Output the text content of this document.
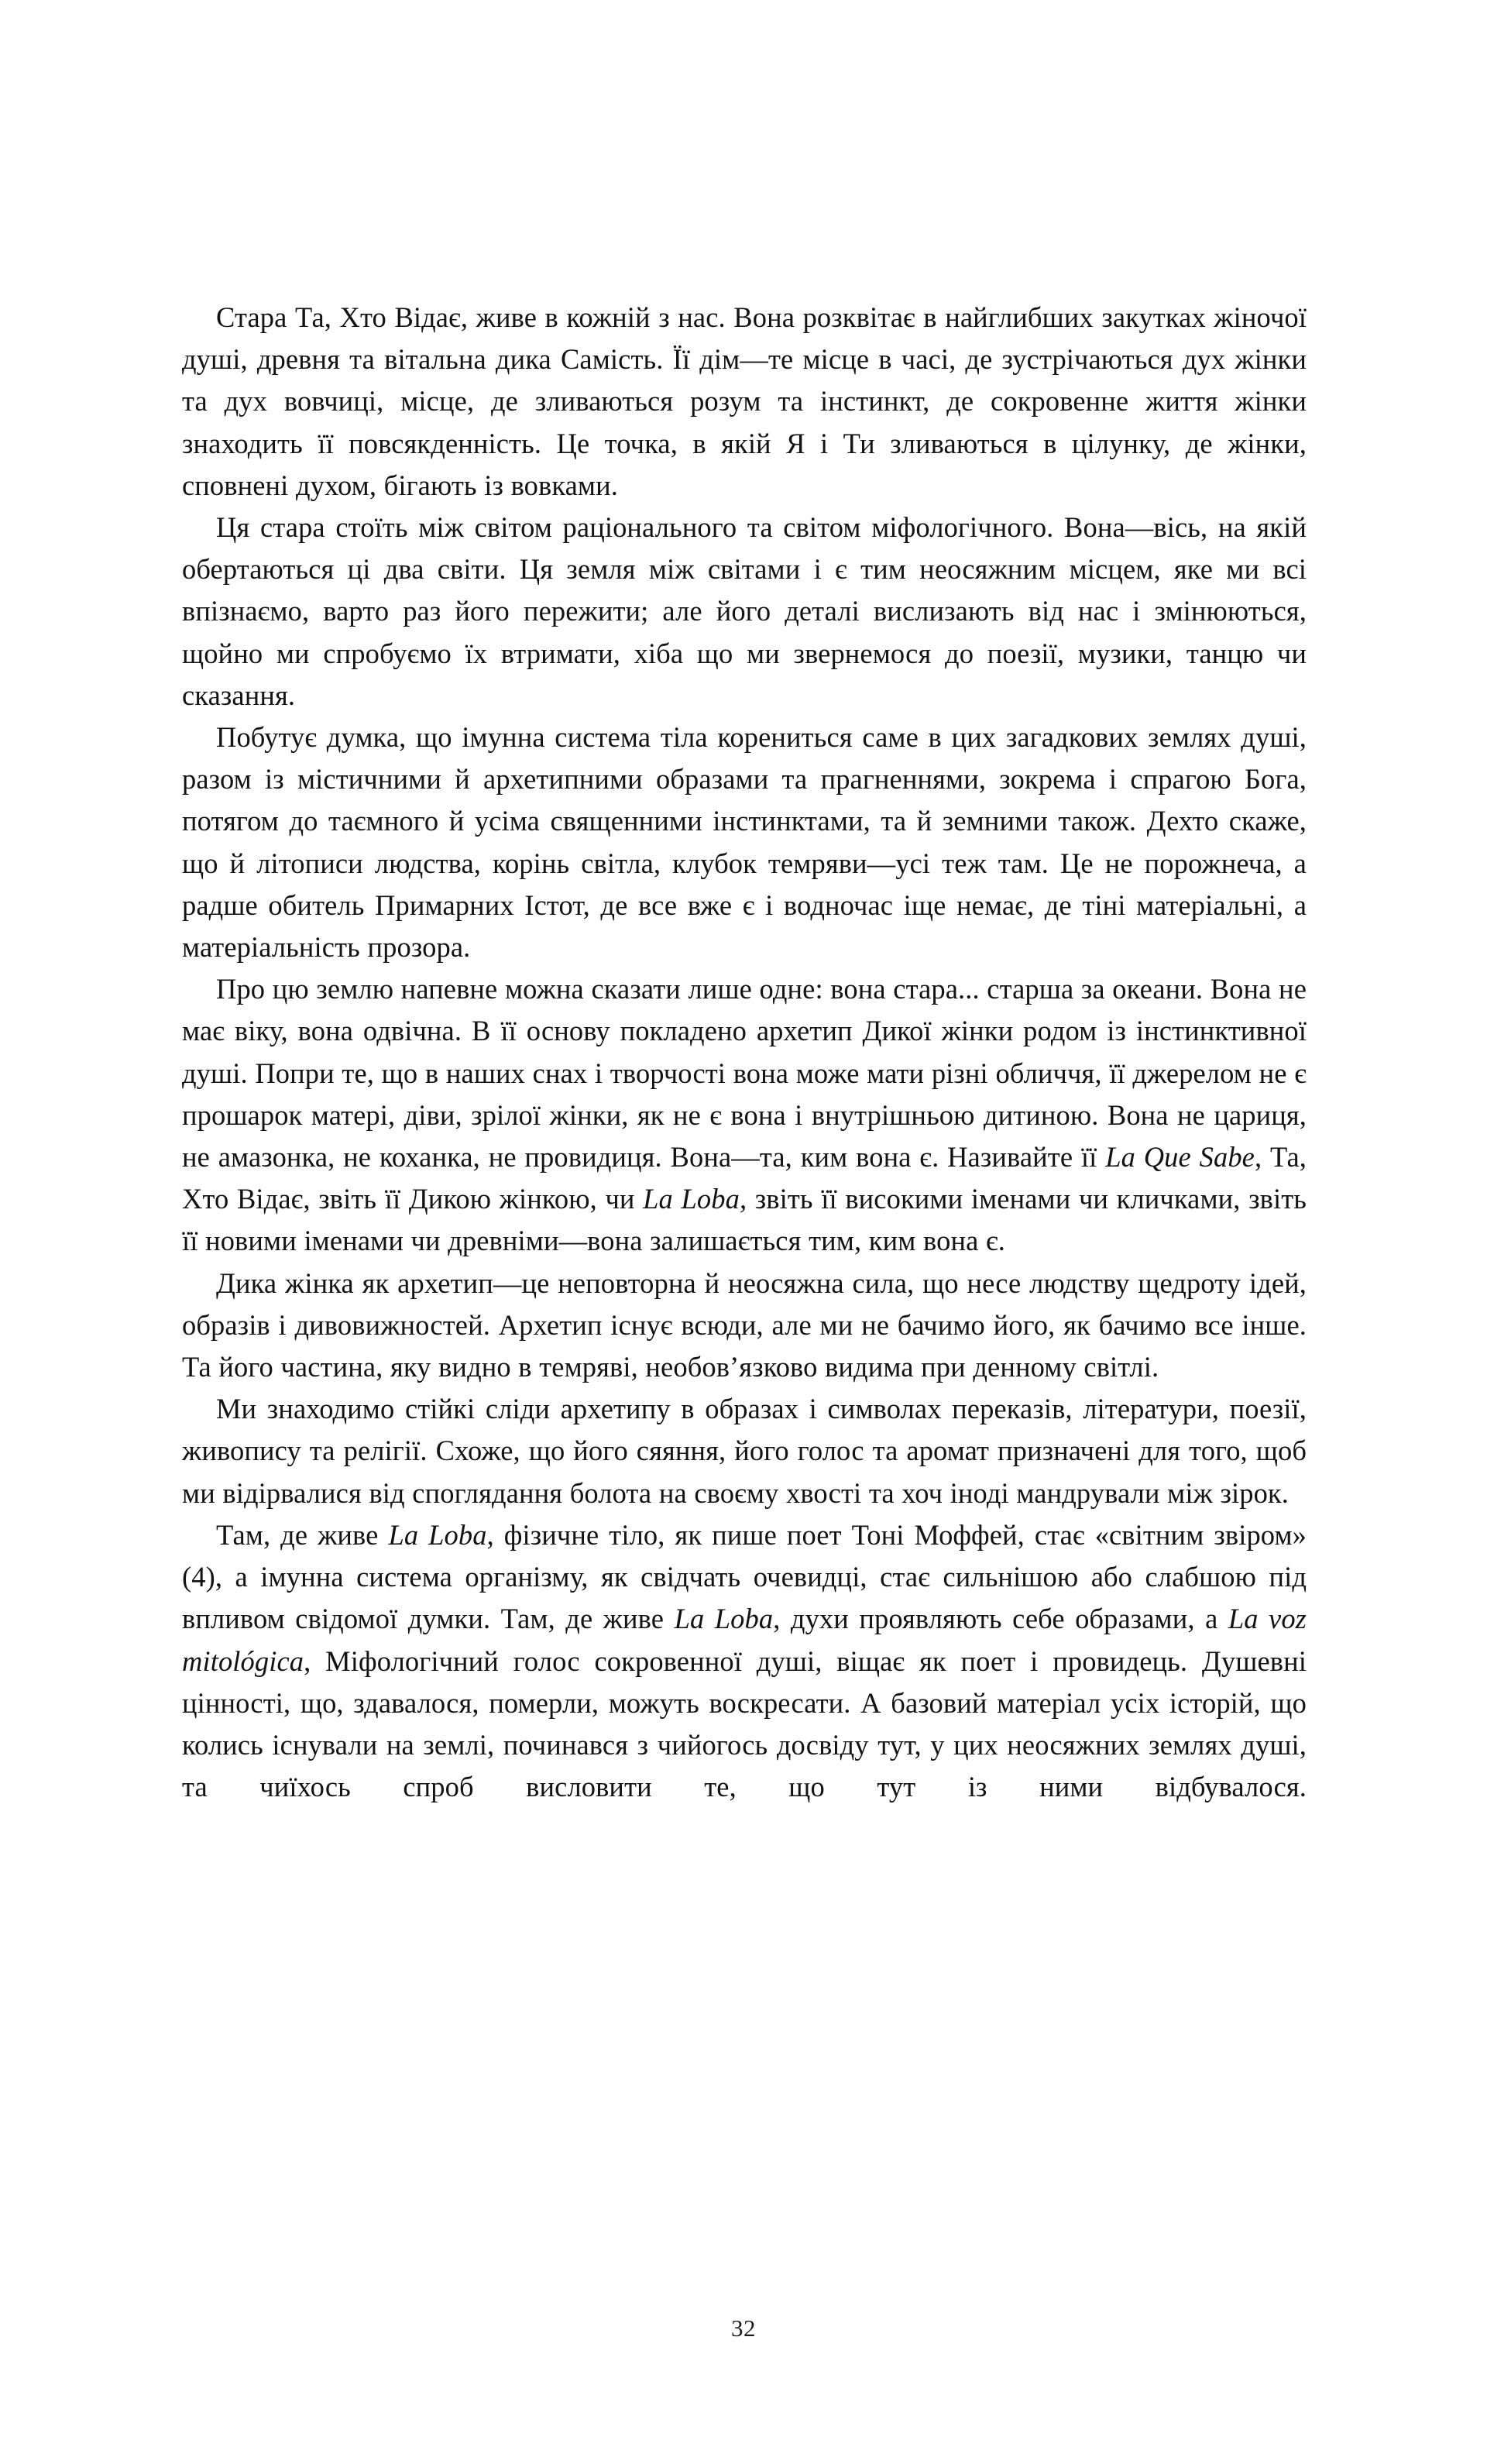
Стара Та, Хто Відає, живе в кожній з нас. Вона розквітає в найглибших закутках жіночої душі, древня та вітальна дика Самість. Її дім—те місце в часі, де зустрічаються дух жінки та дух вовчиці, місце, де зливаються розум та інстинкт, де сокровенне життя жінки знаходить її повсякденність. Це точка, в якій Я і Ти зливаються в цілунку, де жінки, сповнені духом, бігають із вовками.

Ця стара стоїть між світом раціонального та світом міфологічного. Вона—вісь, на якій обертаються ці два світи. Ця земля між світами і є тим неосяжним місцем, яке ми всі впізнаємо, варто раз його пережити; але його деталі вислизають від нас і змінюються, щойно ми спробуємо їх втримати, хіба що ми звернемося до поезії, музики, танцю чи сказання.

Побутує думка, що імунна система тіла корениться саме в цих загадкових землях душі, разом із містичними й архетипними образами та прагненнями, зокрема і спрагою Бога, потягом до таємного й усіма священними інстинктами, та й земними також. Дехто скаже, що й літописи людства, корінь світла, клубок темряви—усі теж там. Це не порожнеча, а радше обитель Примарних Істот, де все вже є і водночас іще немає, де тіні матеріальні, а матеріальність прозора.

Про цю землю напевне можна сказати лише одне: вона стара... старша за океани. Вона не має віку, вона одвічна. В її основу покладено архетип Дикої жінки родом із інстинктивної душі. Попри те, що в наших снах і творчості вона може мати різні обличчя, її джерелом не є прошарок матері, діви, зрілої жінки, як не є вона і внутрішньою дитиною. Вона не цариця, не амазонка, не коханка, не провидиця. Вона—та, ким вона є. Називайте її La Que Sabe, Та, Хто Відає, звіть її Дикою жінкою, чи La Loba, звіть її високими іменами чи кличками, звіть її новими іменами чи древніми—вона залишається тим, ким вона є.

Дика жінка як архетип—це неповторна й неосяжна сила, що несе людству щедроту ідей, образів і дивовижностей. Архетип існує всюди, але ми не бачимо його, як бачимо все інше. Та його частина, яку видно в темряві, необов’язково видима при денному світлі.

Ми знаходимо стійкі сліди архетипу в образах і символах переказів, літератури, поезії, живопису та релігії. Схоже, що його сяяння, його голос та аромат призначені для того, щоб ми відірвалися від споглядання болота на своєму хвості та хоч іноді мандрували між зірок.

Там, де живе La Loba, фізичне тіло, як пише поет Тоні Моффей, стає «світним звіром» (4), а імунна система організму, як свідчать очевидці, стає сильнішою або слабшою під впливом свідомої думки. Там, де живе La Loba, духи проявляють себе образами, а La voz mitológica, Міфологічний голос сокровенної душі, віщає як поет і провидець. Душевні цінності, що, здавалося, померли, можуть воскресати. А базовий матеріал усіх історій, що колись існували на землі, починався з чийогось досвіду тут, у цих неосяжних землях душі, та чиїхось спроб висловити те, що тут із ними відбувалося.

32
